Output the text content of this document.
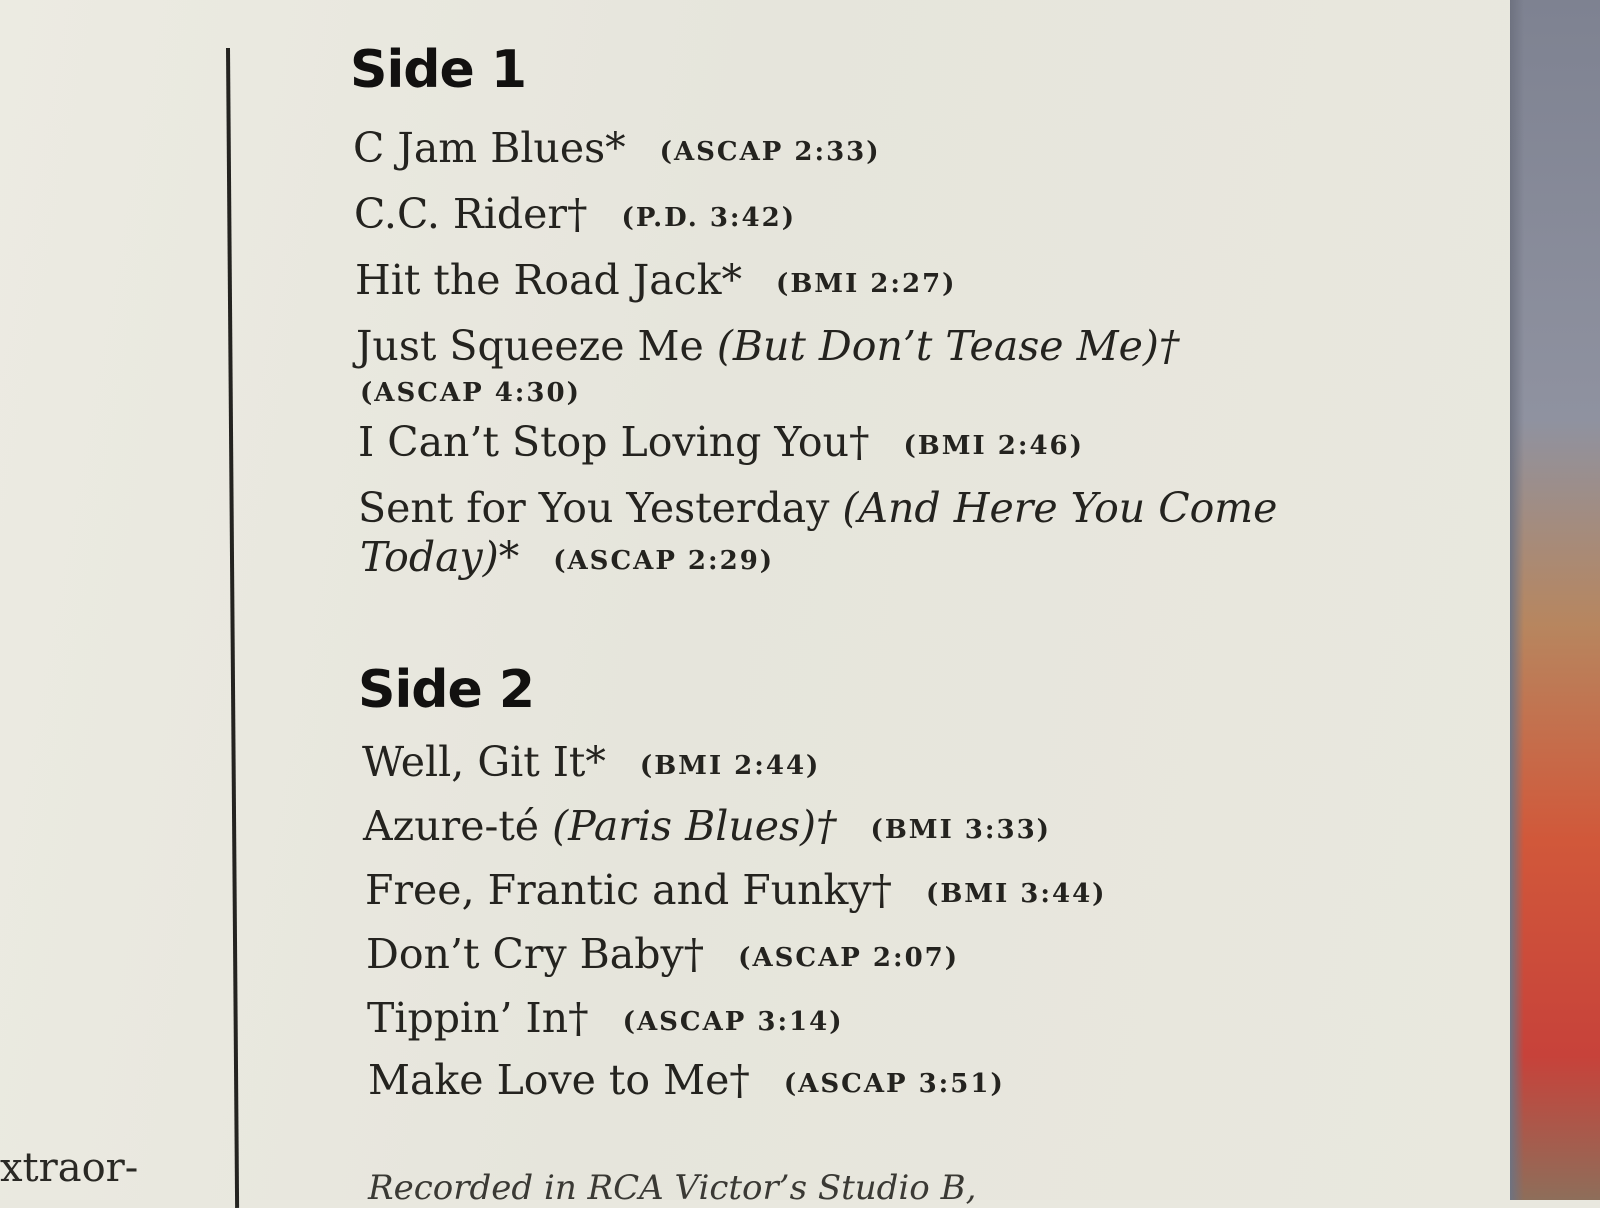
Side 1
C Jam Blues* (ASCAP 2:33)
C.C. Rider† (P.D. 3:42)
Hit the Road Jack* (BMI 2:27)
Just Squeeze Me (But Don’t Tease Me)†
(ASCAP 4:30)
I Can’t Stop Loving You† (BMI 2:46)
Sent for You Yesterday (And Here You Come
Today)* (ASCAP 2:29)
Side 2
Well, Git It* (BMI 2:44)
Azure-té (Paris Blues)† (BMI 3:33)
Free, Frantic and Funky† (BMI 3:44)
Don’t Cry Baby† (ASCAP 2:07)
Tippin’ In† (ASCAP 3:14)
Make Love to Me† (ASCAP 3:51)
xtraor-	Recorded in RCA Victor’s Studio B,
